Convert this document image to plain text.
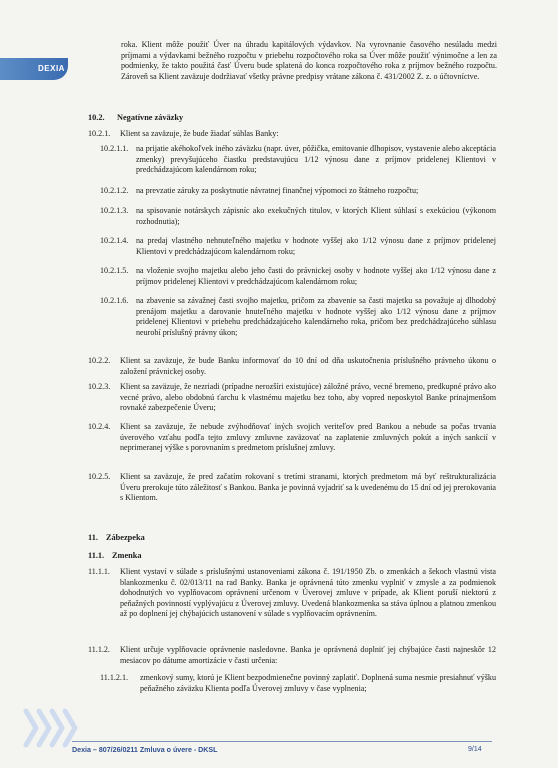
DEXIA
roka. Klient môže použiť Úver na úhradu kapitálových výdavkov. Na vyrovnanie časového nesúladu medzi príjmami a výdavkami bežného rozpočtu v priebehu rozpočtového roka sa Úver môže použiť výnimočne a len za podmienky, že takto použitá časť Úveru bude splatená do konca rozpočtového roka z príjmov bežného rozpočtu. Zároveň sa Klient zaväzuje dodržiavať všetky právne predpisy vrátane zákona č. 431/2002 Z. z. o účtovníctve.
10.2. Negatívne záväzky
10.2.1. Klient sa zaväzuje, že bude žiadať súhlas Banky:
10.2.1.1. na prijatie akéhokoľvek iného záväzku (napr. úver, pôžička, emitovanie dlhopisov, vystavenie alebo akceptácia zmenky) prevyšujúceho čiastku predstavujúcu 1/12 výnosu dane z príjmov pridelenej Klientovi v predchádzajúcom kalendárnom roku;
10.2.1.2. na prevzatie záruky za poskytnutie návratnej finančnej výpomoci zo štátneho rozpočtu;
10.2.1.3. na spisovanie notárskych zápisníc ako exekučných titulov, v ktorých Klient súhlasí s exekúciou (výkonom rozhodnutia);
10.2.1.4. na predaj vlastného nehnuteľného majetku v hodnote vyššej ako 1/12 výnosu dane z príjmov pridelenej Klientovi v predchádzajúcom kalendárnom roku;
10.2.1.5. na vloženie svojho majetku alebo jeho časti do právnickej osoby v hodnote vyššej ako 1/12 výnosu dane z príjmov pridelenej Klientovi v predchádzajúcom kalendárnom roku;
10.2.1.6. na zbavenie sa závažnej časti svojho majetku, pričom za zbavenie sa časti majetku sa považuje aj dlhodobý prenájom majetku a darovanie hnuteľného majetku v hodnote vyššej ako 1/12 výnosu dane z príjmov pridelenej Klientovi v priebehu predchádzajúceho kalendárneho roka, pričom bez predchádzajúceho súhlasu neurobí príslušný právny úkon;
10.2.2. Klient sa zaväzuje, že bude Banku informovať do 10 dní od dňa uskutočnenia príslušného právneho úkonu o založení právnickej osoby.
10.2.3. Klient sa zaväzuje, že nezriadi (prípadne nerozšíri existujúce) záložné právo, vecné bremeno, predkupné právo ako vecné právo, alebo obdobnú ťarchu k vlastnému majetku bez toho, aby vopred neposkytol Banke prinajmenšom rovnaké zabezpečenie Úveru;
10.2.4. Klient sa zaväzuje, že nebude zvýhodňovať iných svojich veriteľov pred Bankou a nebude sa počas trvania úverového vzťahu podľa tejto zmluvy zmluvne zaväzovať na zaplatenie zmluvných pokút a iných sankcií v neprimeranej výške s porovnaním s predmetom príslušnej zmluvy.
10.2.5. Klient sa zaväzuje, že pred začatím rokovaní s tretími stranami, ktorých predmetom má byť reštrukturalizácia Úveru prerokuje túto záležitosť s Bankou. Banka je povinná vyjadriť sa k uvedenému do 15 dní od jej prerokovania s Klientom.
11. Zábezpeka
11.1. Zmenka
11.1.1. Klient vystaví v súlade s príslušnými ustanoveniami zákona č. 191/1950 Zb. o zmenkách a šekoch vlastnú vista blankozmenku č. 02/013/11 na rad Banky. Banka je oprávnená túto zmenku vyplniť v zmysle a za podmienok dohodnutých vo vyplňovacom oprávnení určenom v Úverovej zmluve v prípade, ak Klient poruší niektorú z peňažných povinností vyplývajúcu z Úverovej zmluvy. Uvedená blankozmenka sa stáva úplnou a platnou zmenkou až po doplnení jej chýbajúcich ustanovení v súlade s vyplňovacím oprávnením.
11.1.2. Klient určuje vyplňovacie oprávnenie nasledovne. Banka je oprávnená doplniť jej chýbajúce časti najneskôr 12 mesiacov po dátume amortizácie v časti určenia:
11.1.2.1. zmenkový sumy, ktorú je Klient bezpodmienečne povinný zaplatiť. Doplnená suma nesmie presiahnuť výšku peňažného záväzku Klienta podľa Úverovej zmluvy v čase vyplnenia;
Dexia – 807/26/0211 Zmluva o úvere - DKSL	9/14
